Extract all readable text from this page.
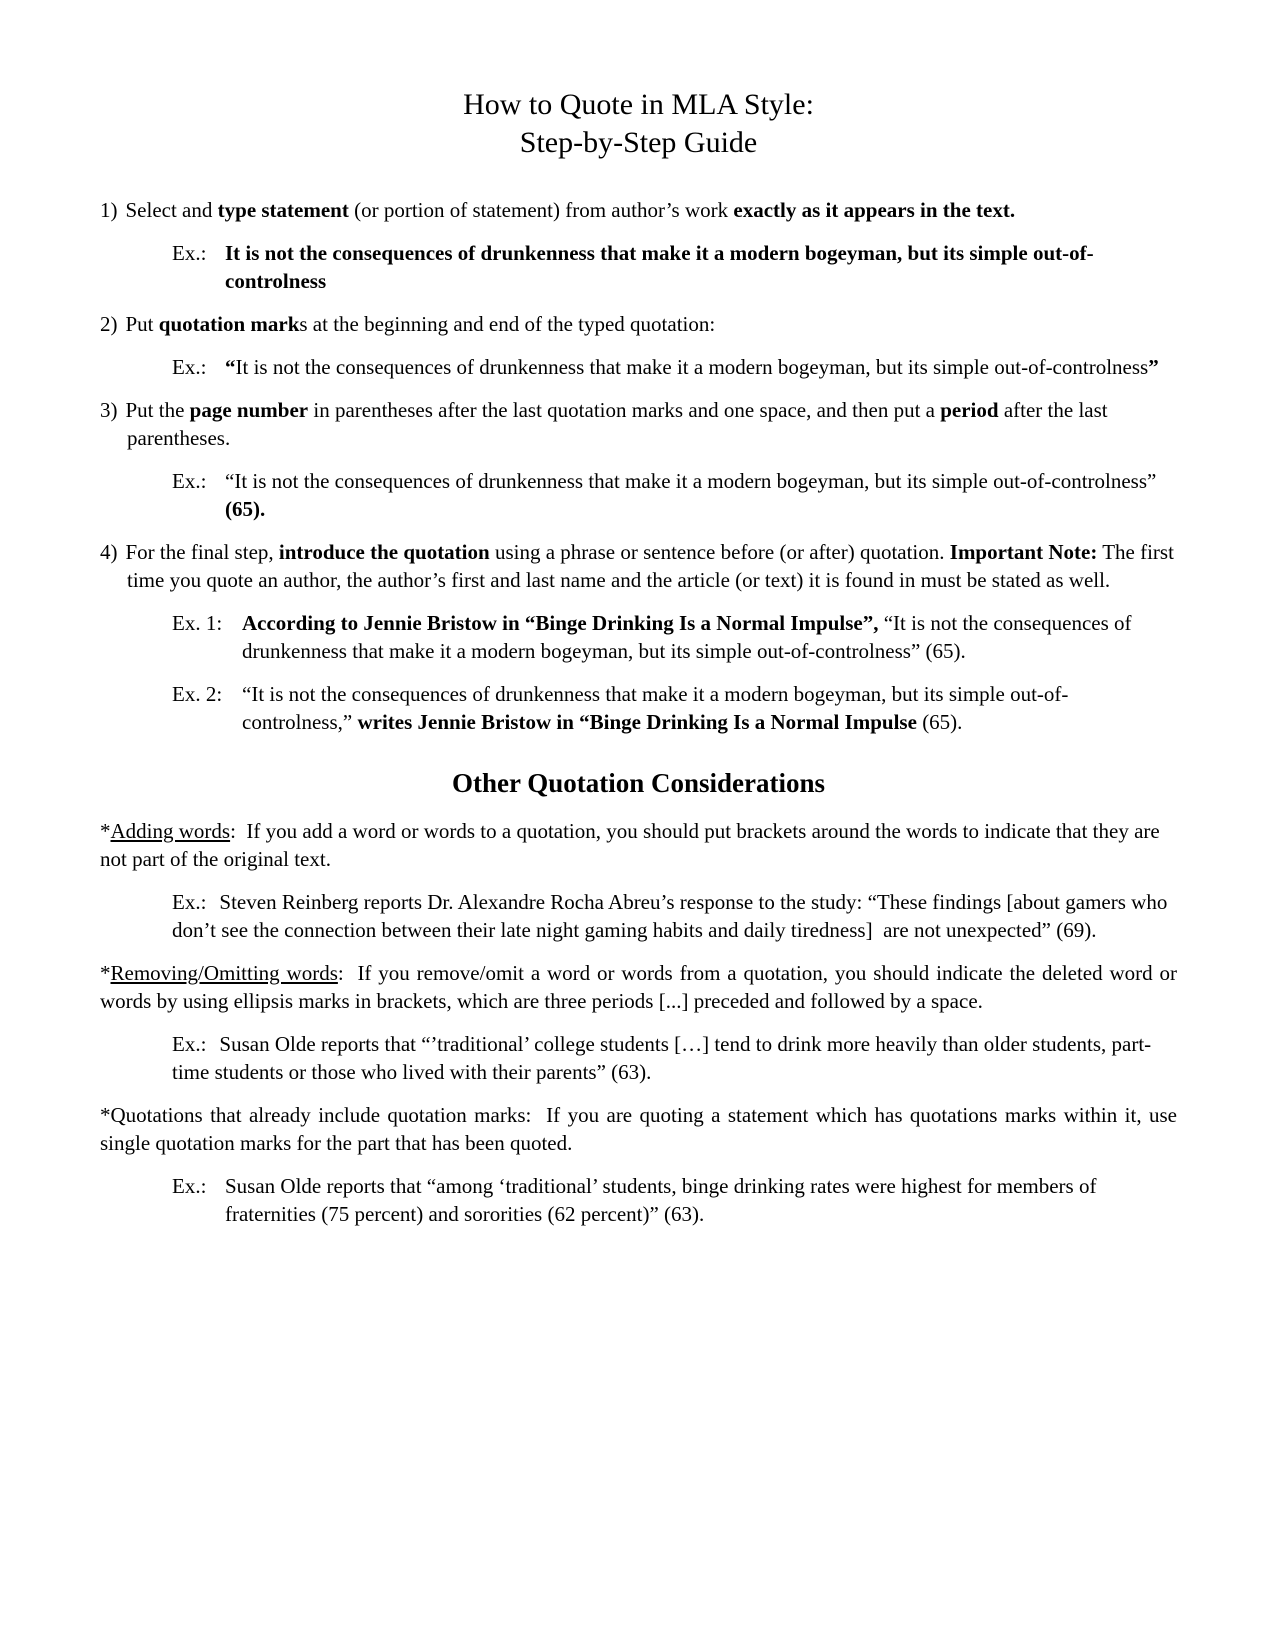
How to Quote in MLA Style:
Step-by-Step Guide

1) Select and type statement (or portion of statement) from author’s work exactly as it appears in the text.

Ex.: It is not the consequences of drunkenness that make it a modern bogeyman, but its simple out-of-controlness

2) Put quotation marks at the beginning and end of the typed quotation:

Ex.: “It is not the consequences of drunkenness that make it a modern bogeyman, but its simple out-of-controlness”

3) Put the page number in parentheses after the last quotation marks and one space, and then put a period after the last parentheses.

Ex.: “It is not the consequences of drunkenness that make it a modern bogeyman, but its simple out-of-controlness” (65).

4) For the final step, introduce the quotation using a phrase or sentence before (or after) quotation. Important Note: The first time you quote an author, the author’s first and last name and the article (or text) it is found in must be stated as well.

Ex. 1: According to Jennie Bristow in “Binge Drinking Is a Normal Impulse”, “It is not the consequences of drunkenness that make it a modern bogeyman, but its simple out-of-controlness” (65).

Ex. 2: “It is not the consequences of drunkenness that make it a modern bogeyman, but its simple out-of-controlness,” writes Jennie Bristow in “Binge Drinking Is a Normal Impulse (65).

Other Quotation Considerations

*Adding words:  If you add a word or words to a quotation, you should put brackets around the words to indicate that they are not part of the original text.

Ex.: Steven Reinberg reports Dr. Alexandre Rocha Abreu’s response to the study: “These findings [about gamers who don’t see the connection between their late night gaming habits and daily tiredness]  are not unexpected” (69).

*Removing/Omitting words:  If you remove/omit a word or words from a quotation, you should indicate the deleted word or words by using ellipsis marks in brackets, which are three periods [...] preceded and followed by a space.

Ex.: Susan Olde reports that “’traditional’ college students […] tend to drink more heavily than older students, part-time students or those who lived with their parents” (63).

*Quotations that already include quotation marks:  If you are quoting a statement which has quotations marks within it, use single quotation marks for the part that has been quoted.

Ex.: Susan Olde reports that “among ‘traditional’ students, binge drinking rates were highest for members of fraternities (75 percent) and sororities (62 percent)” (63).
